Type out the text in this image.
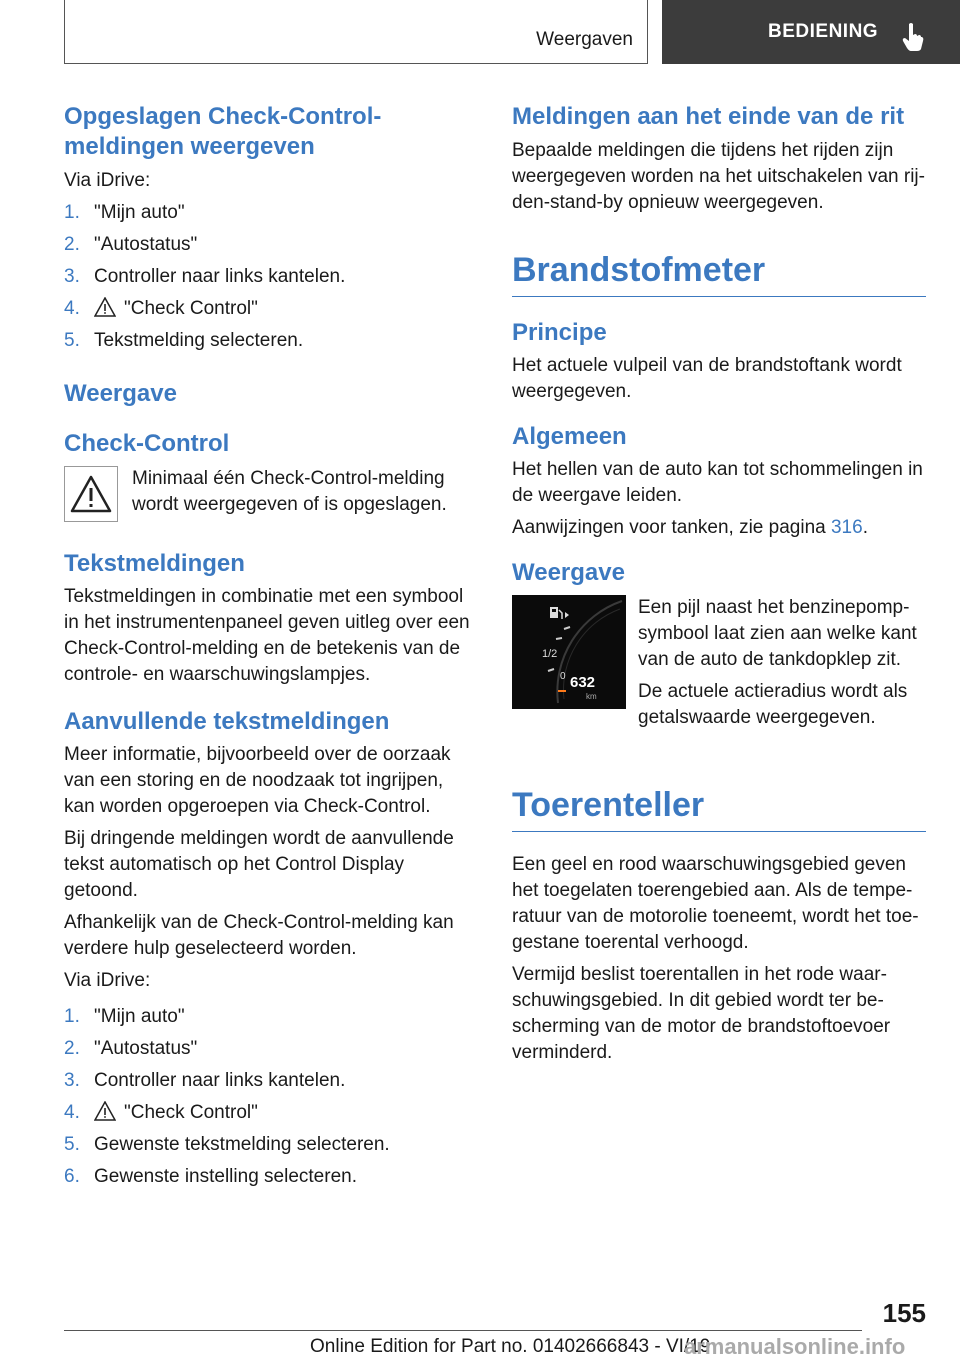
Weergaven	BEDIENING
Opgeslagen Check-Control-meldingen weergeven

Via iDrive:

1. "Mijn auto"
2. "Autostatus"
3. Controller naar links kantelen.
4. "Check Control"
5. Tekstmelding selecteren.
Weergave
Check-Control

Minimaal één Check-Control-melding wordt weergegeven of is opgeslagen.

Tekstmeldingen

Tekstmeldingen in combinatie met een symbool in het instrumentenpaneel geven uitleg over een Check-Control-melding en de betekenis van de controle- en waarschuwingslampjes.

Aanvullende tekstmeldingen

Meer informatie, bijvoorbeeld over de oorzaak van een storing en de noodzaak tot ingrijpen, kan worden opgeroepen via Check-Control.

Bij dringende meldingen wordt de aanvullende tekst automatisch op het Control Display getoond.

Afhankelijk van de Check-Control-melding kan verdere hulp geselecteerd worden.

Via iDrive:

1. "Mijn auto"
2. "Autostatus"
3. Controller naar links kantelen.
4. "Check Control"
5. Gewenste tekstmelding selecteren.
6. Gewenste instelling selecteren.
Meldingen aan het einde van de rit

Bepaalde meldingen die tijdens het rijden zijn weergegeven worden na het uitschakelen van rij-den-stand-by opnieuw weergegeven.

Brandstofmeter
Principe

Het actuele vulpeil van de brandstoftank wordt weergegeven.

Algemeen

Het hellen van de auto kan tot schommelingen in de weergave leiden.

Aanwijzingen voor tanken, zie pagina 316.

Weergave
1/2
0 632
km

Een pijl naast het benzinepomp-symbool laat zien aan welke kant van de auto de tankdopklep zit.

De actuele actieradius wordt als getalswaarde weergegeven.

Toerenteller

Een geel en rood waarschuwingsgebied geven het toegelaten toerengebied aan. Als de tempe-ratuur van de motorolie toeneemt, wordt het toe-gestane toerental verhoogd.

Vermijd beslist toerentallen in het rode waar-schuwingsgebied. In dit gebied wordt ter be-scherming van de motor de brandstoftoevoer verminderd.

155
Online Edition for Part no. 01402666843 - VI/19
armanualsonline.info
